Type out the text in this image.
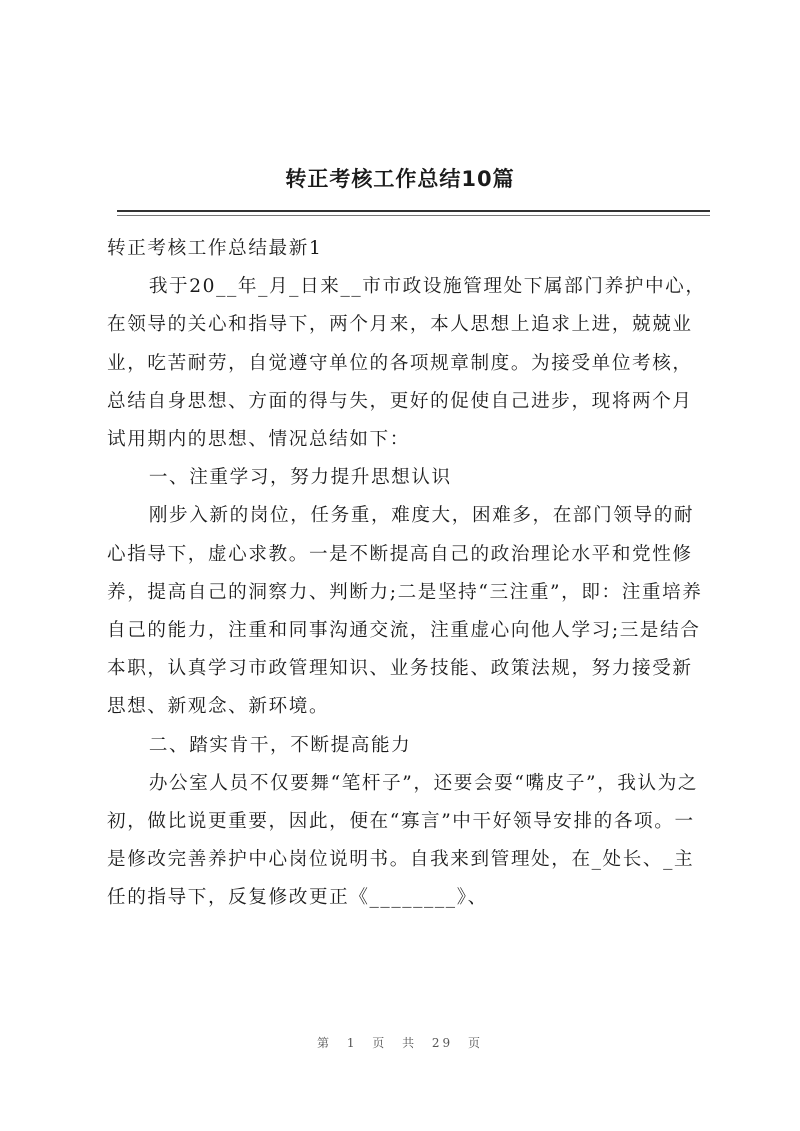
转正考核工作总结10篇

转正考核工作总结最新1

我于20__年_月_日来__市市政设施管理处下属部门养护中心，在领导的关心和指导下，两个月来，本人思想上追求上进，兢兢业业，吃苦耐劳，自觉遵守单位的各项规章制度。为接受单位考核，总结自身思想、方面的得与失，更好的促使自己进步，现将两个月试用期内的思想、情况总结如下：

一、注重学习，努力提升思想认识

刚步入新的岗位，任务重，难度大，困难多，在部门领导的耐心指导下，虚心求教。一是不断提高自己的政治理论水平和党性修养，提高自己的洞察力、判断力;二是坚持“三注重”，即：注重培养自己的能力，注重和同事沟通交流，注重虚心向他人学习;三是结合本职，认真学习市政管理知识、业务技能、政策法规，努力接受新思想、新观念、新环境。

二、踏实肯干，不断提高能力

办公室人员不仅要舞“笔杆子”，还要会耍“嘴皮子”，我认为之初，做比说更重要，因此，便在“寡言”中干好领导安排的各项。一是修改完善养护中心岗位说明书。自我来到管理处，在_处长、_主任的指导下，反复修改更正《________》、

第 1 页 共 29 页
